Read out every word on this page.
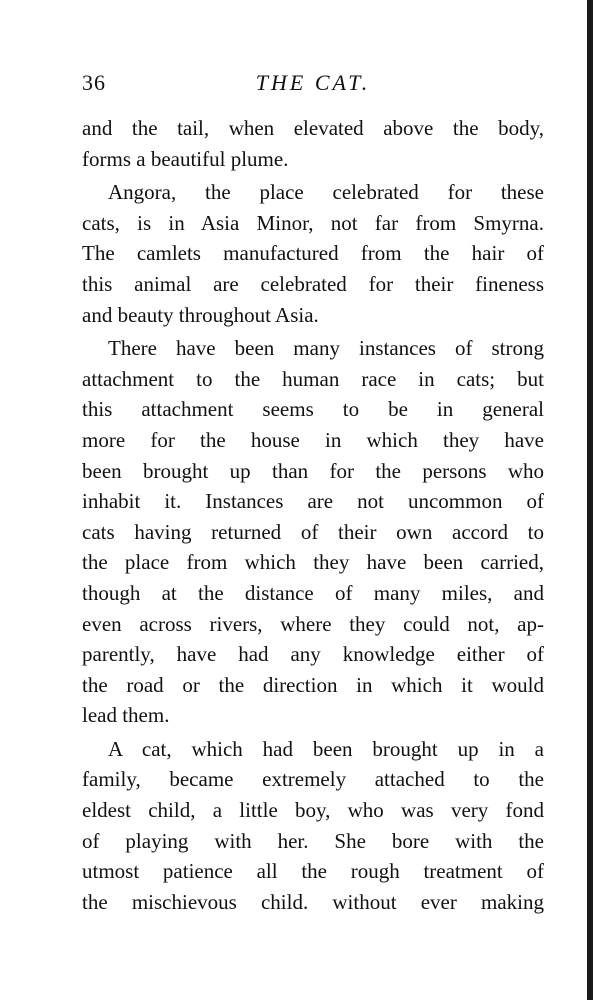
36	THE CAT.
and the tail, when elevated above the body,
forms a beautiful plume.
Angora, the place celebrated for these
cats, is in Asia Minor, not far from Smyrna.
The camlets manufactured from the hair of
this animal are celebrated for their fineness
and beauty throughout Asia.
There have been many instances of strong
attachment to the human race in cats; but
this attachment seems to be in general
more for the house in which they have
been brought up than for the persons who
inhabit it. Instances are not uncommon of
cats having returned of their own accord to
the place from which they have been carried,
though at the distance of many miles, and
even across rivers, where they could not, ap-
parently, have had any knowledge either of
the road or the direction in which it would
lead them.
A cat, which had been brought up in a
family, became extremely attached to the
eldest child, a little boy, who was very fond
of playing with her. She bore with the
utmost patience all the rough treatment of
the mischievous child. without ever making
